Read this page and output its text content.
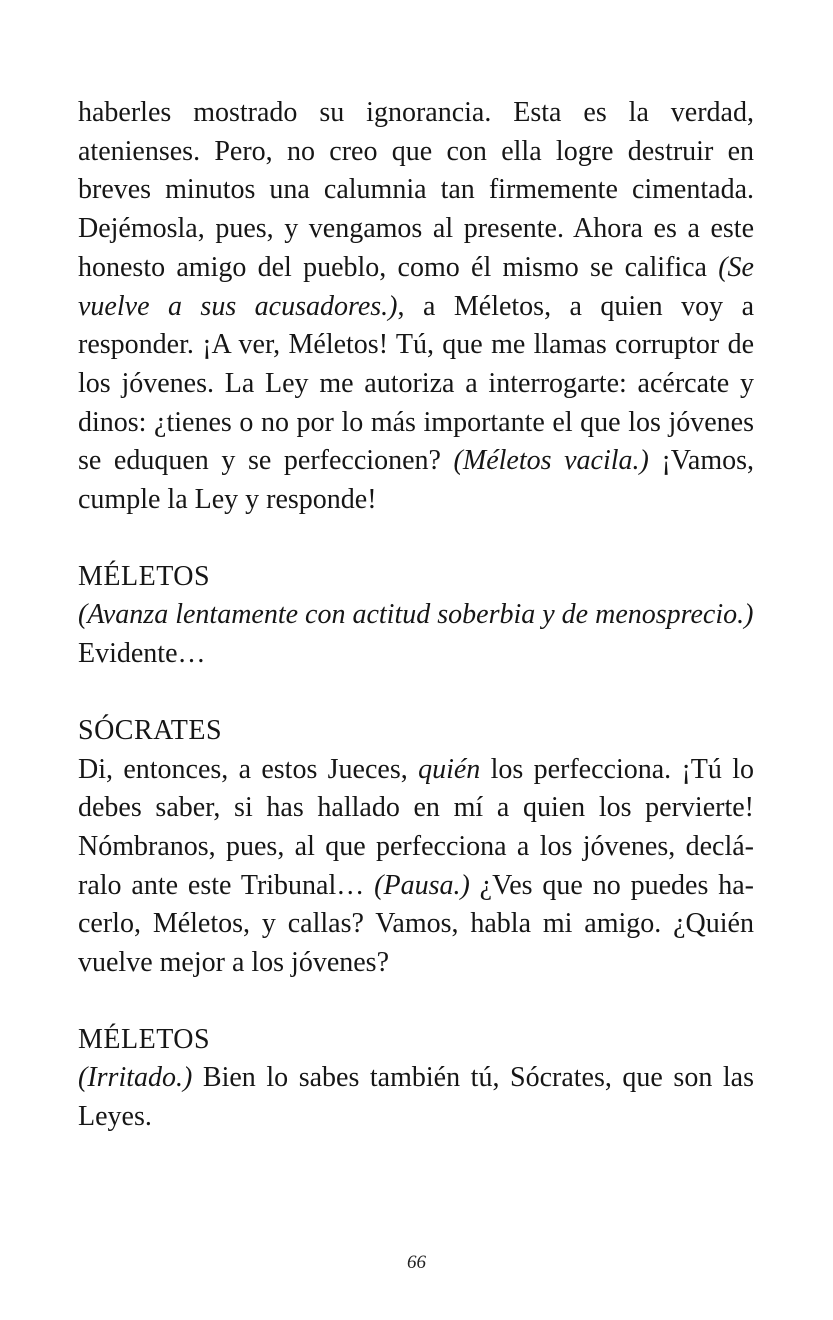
haberles mostrado su ignorancia. Esta es la verdad, atenienses. Pero, no creo que con ella logre destruir en breves minutos una calumnia tan firmemente cimentada. Dejémosla, pues, y vengamos al presente. Ahora es a este honesto amigo del pueblo, como él mismo se califica (Se vuelve a sus acusadores.), a Méletos, a quien voy a responder. ¡A ver, Méletos! Tú, que me llamas corruptor de los jóvenes. La Ley me autoriza a interrogarte: acércate y dinos: ¿tienes o no por lo más importante el que los jóvenes se eduquen y se perfeccionen? (Méletos vacila.) ¡Vamos, cumple la Ley y responde!

MÉLETOS

(Avanza lentamente con actitud soberbia y de menosprecio.)

Evidente…

SÓCRATES

Di, entonces, a estos Jueces, quién los perfecciona. ¡Tú lo debes saber, si has hallado en mí a quien los pervierte! Nómbranos, pues, al que perfecciona a los jóvenes, decláralo ante este Tribunal… (Pausa.) ¿Ves que no puedes hacerlo, Méletos, y callas? Vamos, habla mi amigo. ¿Quién vuelve mejor a los jóvenes?

MÉLETOS

(Irritado.) Bien lo sabes también tú, Sócrates, que son las Leyes.

66
